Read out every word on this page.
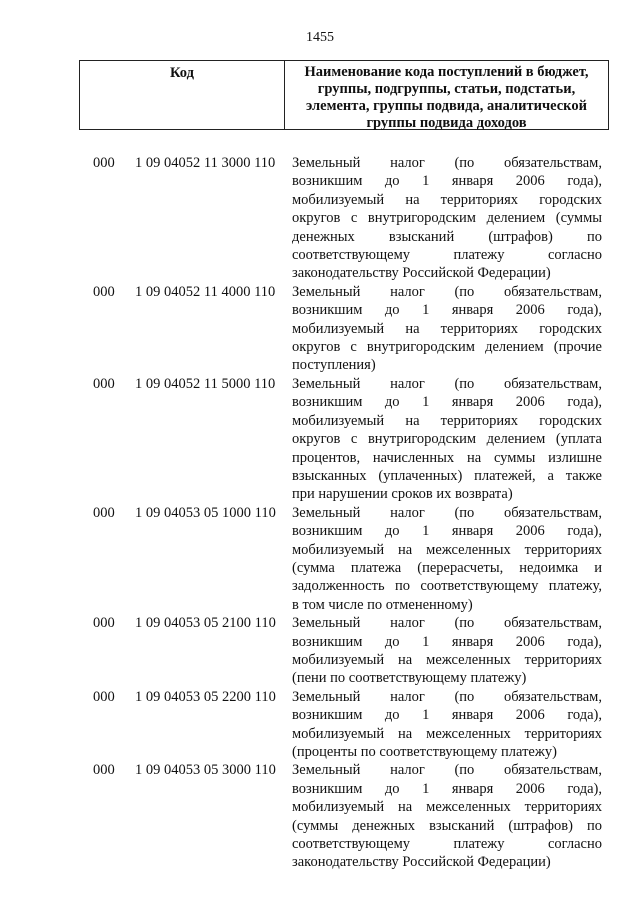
1455
Код	Наименование кода поступлений в бюджет,
группы, подгруппы, статьи, подстатьи,
элемента, группы подвида, аналитической
группы подвида доходов
000	1 09 04052 11 3000 110	Земельный налог (по обязательствам,
возникшим до 1 января 2006 года),
мобилизуемый на территориях городских
округов с внутригородским делением (суммы
денежных взысканий (штрафов) по
соответствующему	платежу	согласно
законодательству Российской Федерации)
000	1 09 04052 11 4000 110	Земельный налог (по обязательствам,
возникшим до 1 января 2006 года),
мобилизуемый на территориях городских
округов с внутригородским делением (прочие
поступления)
000	1 09 04052 11 5000 110	Земельный налог (по обязательствам,
возникшим до 1 января 2006 года),
мобилизуемый на территориях городских
округов с внутригородским делением (уплата
процентов, начисленных на суммы излишне
взысканных (уплаченных) платежей, а также
при нарушении сроков их возврата)
000	1 09 04053 05 1000 110	Земельный налог (по обязательствам,
возникшим до 1 января 2006 года),
мобилизуемый на межселенных территориях
(сумма платежа (перерасчеты, недоимка и
задолженность по соответствующему платежу,
в том числе по отмененному)
000	1 09 04053 05 2100 110	Земельный налог (по обязательствам,
возникшим до 1 января 2006 года),
мобилизуемый на межселенных территориях
(пени по соответствующему платежу)
000	1 09 04053 05 2200 110	Земельный налог (по обязательствам,
возникшим до 1 января 2006 года),
мобилизуемый на межселенных территориях
(проценты по соответствующему платежу)
000	1 09 04053 05 3000 110	Земельный налог (по обязательствам,
возникшим до 1 января 2006 года),
мобилизуемый на межселенных территориях
(суммы денежных взысканий (штрафов) по
соответствующему	платежу	согласно
законодательству Российской Федерации)
